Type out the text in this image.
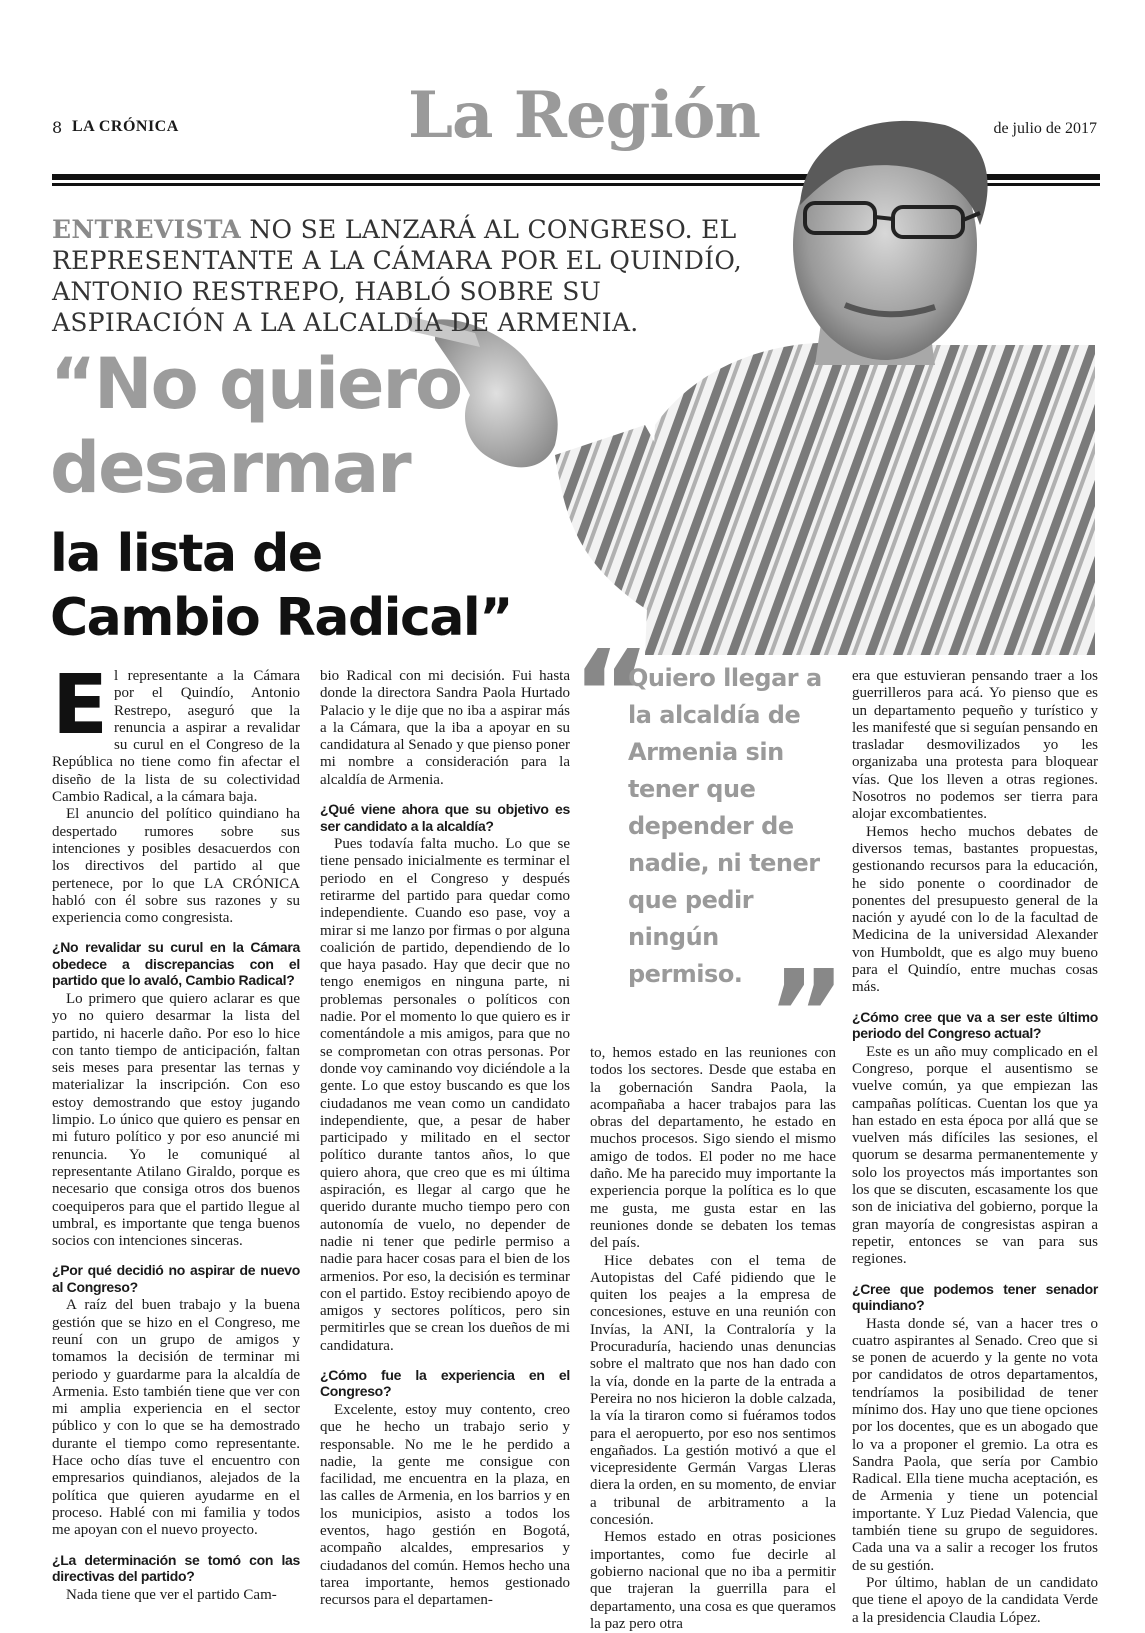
8 LA CRÓNICA	La Región	de julio de 2017
ENTREVISTA NO SE LANZARÁ AL CONGRESO. EL REPRESENTANTE A LA CÁMARA POR EL QUINDÍO, ANTONIO RESTREPO, HABLÓ SOBRE SU ASPIRACIÓN A LA ALCALDÍA DE ARMENIA.
“No quiero
desarmar
la lista de
Cambio Radical”

El representante a la Cámara por el Quindío, Antonio Restrepo, aseguró que la renuncia a aspirar a revalidar su curul en el Congreso de la República no tiene como fin afectar el diseño de la lista de su colectividad Cambio Radical, a la cámara baja.

El anuncio del político quindiano ha despertado rumores sobre sus intenciones y posibles desacuerdos con los directivos del partido al que pertenece, por lo que LA CRÓNICA habló con él sobre sus razones y su experiencia como congresista.

¿No revalidar su curul en la Cámara obedece a discrepancias con el partido que lo avaló, Cambio Radical?

Lo primero que quiero aclarar es que yo no quiero desarmar la lista del partido, ni hacerle daño. Por eso lo hice con tanto tiempo de anticipación, faltan seis meses para presentar las ternas y materializar la inscripción. Con eso estoy demostrando que estoy jugando limpio. Lo único que quiero es pensar en mi futuro político y por eso anuncié mi renuncia. Yo le comuniqué al representante Atilano Giraldo, porque es necesario que consiga otros dos buenos coequiperos para que el partido llegue al umbral, es importante que tenga buenos socios con intenciones sinceras.

¿Por qué decidió no aspirar de nuevo al Congreso?

A raíz del buen trabajo y la buena gestión que se hizo en el Congreso, me reuní con un grupo de amigos y tomamos la decisión de terminar mi periodo y guardarme para la alcaldía de Armenia. Esto también tiene que ver con mi amplia experiencia en el sector público y con lo que se ha demostrado durante el tiempo como representante. Hace ocho días tuve el encuentro con empresarios quindianos, alejados de la política que quieren ayudarme en el proceso. Hablé con mi familia y todos me apoyan con el nuevo proyecto.

¿La determinación se tomó con las directivas del partido?

Nada tiene que ver el partido Cam-

bio Radical con mi decisión. Fui hasta donde la directora Sandra Paola Hurtado Palacio y le dije que no iba a aspirar más a la Cámara, que la iba a apoyar en su candidatura al Senado y que pienso poner mi nombre a consideración para la alcaldía de Armenia.

¿Qué viene ahora que su objetivo es ser candidato a la alcaldía?

Pues todavía falta mucho. Lo que se tiene pensado inicialmente es terminar el periodo en el Congreso y después retirarme del partido para quedar como independiente. Cuando eso pase, voy a mirar si me lanzo por firmas o por alguna coalición de partido, dependiendo de lo que haya pasado. Hay que decir que no tengo enemigos en ninguna parte, ni problemas personales o políticos con nadie. Por el momento lo que quiero es ir comentándole a mis amigos, para que no se comprometan con otras personas. Por donde voy caminando voy diciéndole a la gente. Lo que estoy buscando es que los ciudadanos me vean como un candidato independiente, que, a pesar de haber participado y militado en el sector político durante tantos años, lo que quiero ahora, que creo que es mi última aspiración, es llegar al cargo que he querido durante mucho tiempo pero con autonomía de vuelo, no depender de nadie ni tener que pedirle permiso a nadie para hacer cosas para el bien de los armenios. Por eso, la decisión es terminar con el partido. Estoy recibiendo apoyo de amigos y sectores políticos, pero sin permitirles que se crean los dueños de mi candidatura.

¿Cómo fue la experiencia en el Congreso?

Excelente, estoy muy contento, creo que he hecho un trabajo serio y responsable. No me le he perdido a nadie, la gente me consigue con facilidad, me encuentra en la plaza, en las calles de Armenia, en los barrios y en los municipios, asisto a todos los eventos, hago gestión en Bogotá, acompaño alcaldes, empresarios y ciudadanos del común. Hemos hecho una tarea importante, hemos gestionado recursos para el departamen-

“
Quiero llegar a la alcaldía de Armenia sin tener que depender de nadie, ni tener que pedir ningún permiso. ”

to, hemos estado en las reuniones con todos los sectores. Desde que estaba en la gobernación Sandra Paola, la acompañaba a hacer trabajos para las obras del departamento, he estado en muchos procesos. Sigo siendo el mismo amigo de todos. El poder no me hace daño. Me ha parecido muy importante la experiencia porque la política es lo que me gusta, me gusta estar en las reuniones donde se debaten los temas del país.

Hice debates con el tema de Autopistas del Café pidiendo que le quiten los peajes a la empresa de concesiones, estuve en una reunión con Invías, la ANI, la Contraloría y la Procuraduría, haciendo unas denuncias sobre el maltrato que nos han dado con la vía, donde en la parte de la entrada a Pereira no nos hicieron la doble calzada, la vía la tiraron como si fuéramos todos para el aeropuerto, por eso nos sentimos engañados. La gestión motivó a que el vicepresidente Germán Vargas Lleras diera la orden, en su momento, de enviar a tribunal de arbitramento a la concesión.

Hemos estado en otras posiciones importantes, como fue decirle al gobierno nacional que no iba a permitir que trajeran la guerrilla para el departamento, una cosa es que queramos la paz pero otra

era que estuvieran pensando traer a los guerrilleros para acá. Yo pienso que es un departamento pequeño y turístico y les manifesté que si seguían pensando en trasladar desmovilizados yo les organizaba una protesta para bloquear vías. Que los lleven a otras regiones. Nosotros no podemos ser tierra para alojar excombatientes.

Hemos hecho muchos debates de diversos temas, bastantes propuestas, gestionando recursos para la educación, he sido ponente o coordinador de ponentes del presupuesto general de la nación y ayudé con lo de la facultad de Medicina de la universidad Alexander von Humboldt, que es algo muy bueno para el Quindío, entre muchas cosas más.

¿Cómo cree que va a ser este último periodo del Congreso actual?

Este es un año muy complicado en el Congreso, porque el ausentismo se vuelve común, ya que empiezan las campañas políticas. Cuentan los que ya han estado en esta época por allá que se vuelven más difíciles las sesiones, el quorum se desarma permanentemente y solo los proyectos más importantes son los que se discuten, escasamente los que son de iniciativa del gobierno, porque la gran mayoría de congresistas aspiran a repetir, entonces se van para sus regiones.

¿Cree que podemos tener senador quindiano?

Hasta donde sé, van a hacer tres o cuatro aspirantes al Senado. Creo que si se ponen de acuerdo y la gente no vota por candidatos de otros departamentos, tendríamos la posibilidad de tener mínimo dos. Hay uno que tiene opciones por los docentes, que es un abogado que lo va a proponer el gremio. La otra es Sandra Paola, que sería por Cambio Radical. Ella tiene mucha aceptación, es de Armenia y tiene un potencial importante. Y Luz Piedad Valencia, que también tiene su grupo de seguidores. Cada una va a salir a recoger los frutos de su gestión.

Por último, hablan de un candidato que tiene el apoyo de la candidata Verde a la presidencia Claudia López.
